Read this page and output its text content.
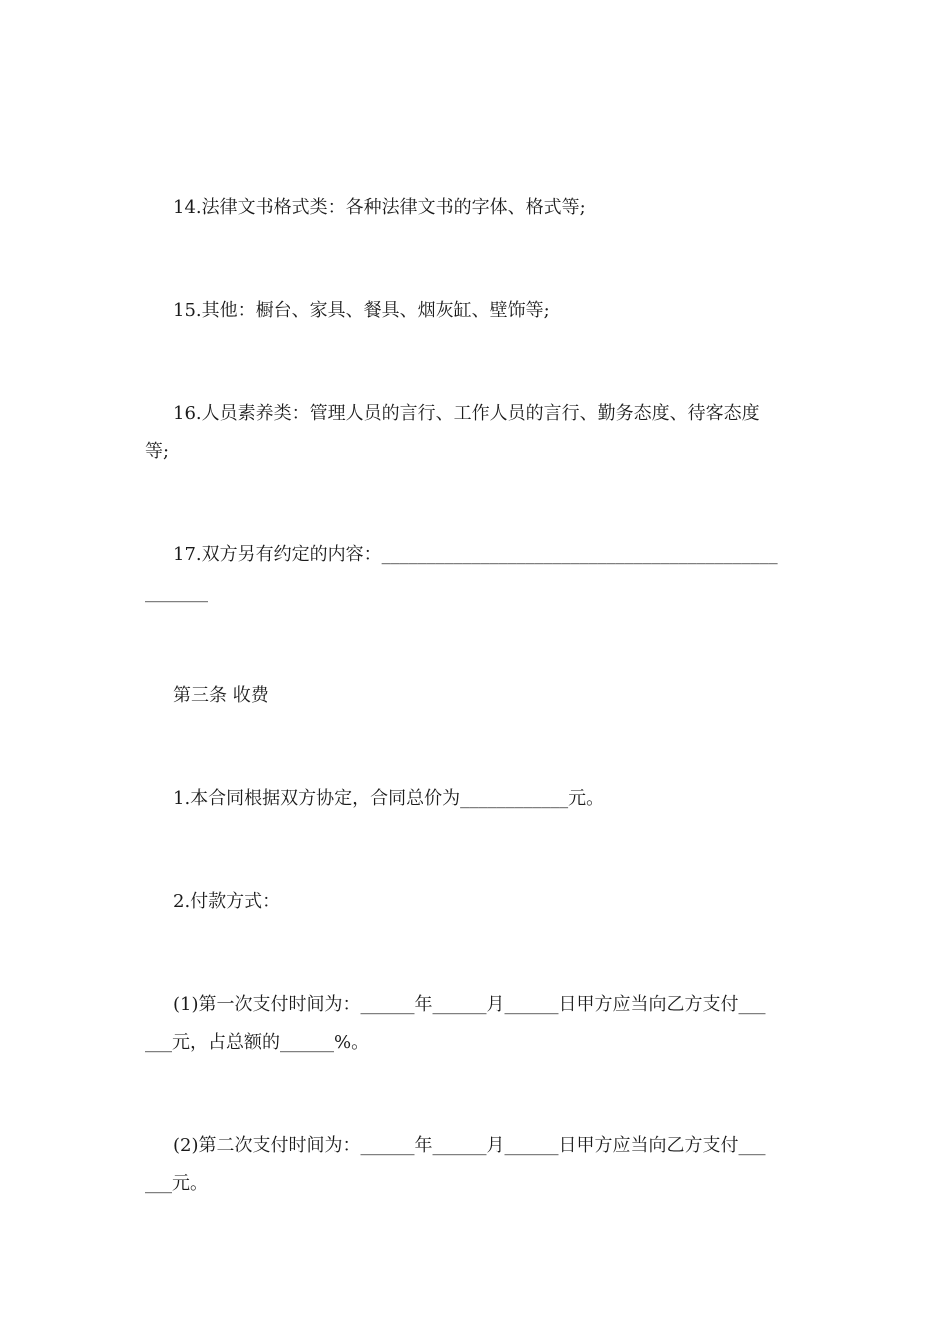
14.法律文书格式类：各种法律文书的字体、格式等;
15.其他：橱台、家具、餐具、烟灰缸、壁饰等;
16.人员素养类：管理人员的言行、工作人员的言行、勤务态度、待客态度
等;
17.双方另有约定的内容：____________________________________________
_______
第三条 收费
1.本合同根据双方协定，合同总价为____________元。
2.付款方式：
(1)第一次支付时间为：______年______月______日甲方应当向乙方支付___
___元，占总额的______%。
(2)第二次支付时间为：______年______月______日甲方应当向乙方支付___
___元。
